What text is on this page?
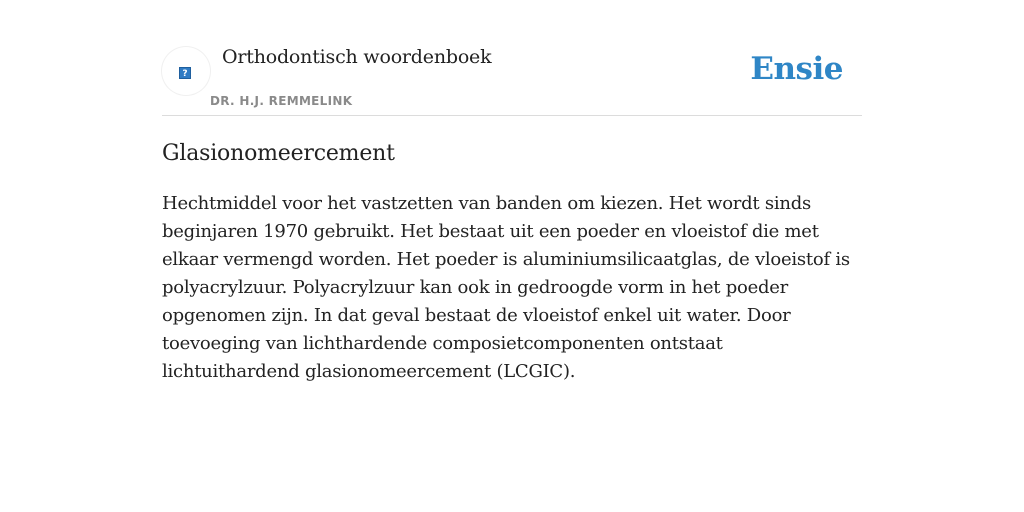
?
Orthodontisch woordenboek
DR. H.J. REMMELINK
Ensie
Glasionomeercement

Hechtmiddel voor het vastzetten van banden om kiezen. Het wordt sinds beginjaren 1970 gebruikt. Het bestaat uit een poeder en vloeistof die met elkaar vermengd worden. Het poeder is aluminiumsilicaatglas, de vloeistof is polyacrylzuur. Polyacrylzuur kan ook in gedroogde vorm in het poeder opgenomen zijn. In dat geval bestaat de vloeistof enkel uit water. Door toevoeging van lichthardende composietcomponenten ontstaat lichtuithardend glasionomeercement (LCGIC).
